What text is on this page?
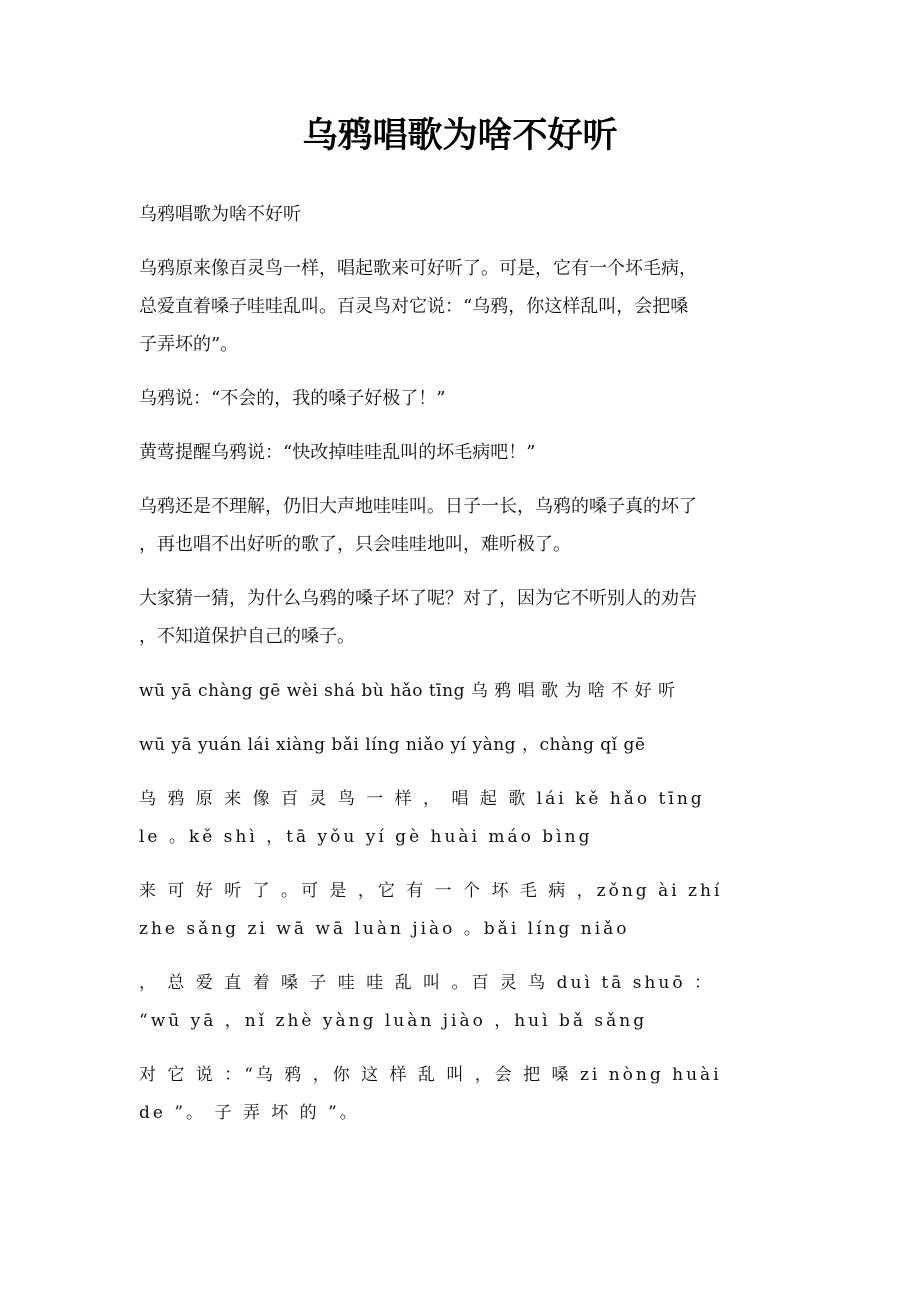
乌鸦唱歌为啥不好听

乌鸦唱歌为啥不好听

乌鸦原来像百灵鸟一样，唱起歌来可好听了。可是，它有一个坏毛病，
总爱直着嗓子哇哇乱叫。百灵鸟对它说：“乌鸦，你这样乱叫，会把嗓
子弄坏的”。

乌鸦说：“不会的，我的嗓子好极了！”

黄莺提醒乌鸦说：“快改掉哇哇乱叫的坏毛病吧！”

乌鸦还是不理解，仍旧大声地哇哇叫。日子一长，乌鸦的嗓子真的坏了
，再也唱不出好听的歌了，只会哇哇地叫，难听极了。

大家猜一猜，为什么乌鸦的嗓子坏了呢？对了，因为它不听别人的劝告
，不知道保护自己的嗓子。

wū yā chàng gē wèi shá bù hǎo tīng 乌 鸦 唱 歌 为 啥 不 好 听

wū yā yuán lái xiàng bǎi líng niǎo yí yàng ，chàng qǐ gē

乌 鸦 原 来 像 百 灵 鸟 一 样 ， 唱 起 歌 lái kě hǎo tīng
le 。kě shì ，tā yǒu yí gè huài máo bìng

来 可 好 听 了 。可 是 ，它 有 一 个 坏 毛 病 ，zǒng ài zhí
zhe sǎng zi wā wā luàn jiào 。bǎi líng niǎo

， 总 爱 直 着 嗓 子 哇 哇 乱 叫 。百 灵 鸟 duì tā shuō ：
“wū yā ，nǐ zhè yàng luàn jiào ，huì bǎ sǎng

对 它 说 ：“乌 鸦 ，你 这 样 乱 叫 ，会 把 嗓 zi nòng huài
de ”。 子 弄 坏 的 ”。
